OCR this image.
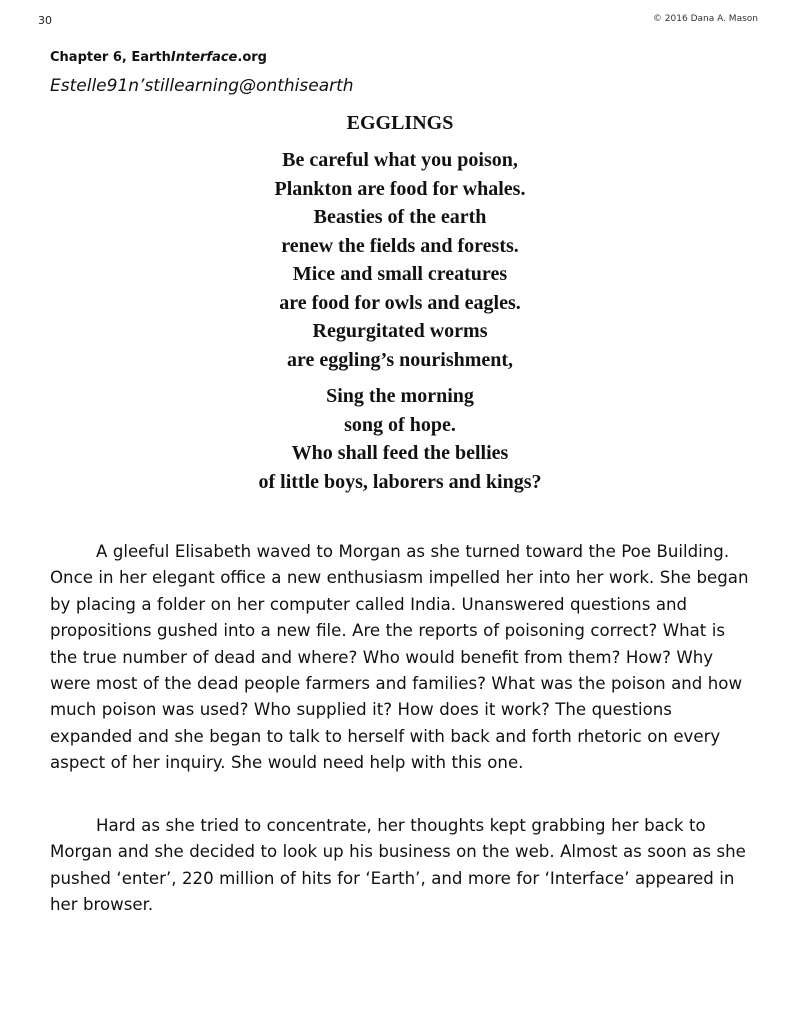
30	© 2016 Dana A. Mason
Chapter 6, EarthInterface.org
Estelle91n’stillearning@onthisearth
EGGLINGS
Be careful what you poison,
Plankton are food for whales.
Beasties of the earth
renew the fields and forests.
Mice and small creatures
are food for owls and eagles.
Regurgitated worms
are eggling’s nourishment,
Sing the morning
song of hope.
Who shall feed the bellies
of little boys, laborers and kings?

A gleeful Elisabeth waved to Morgan as she turned toward the Poe Building. Once in her elegant office a new enthusiasm impelled her into her work. She began by placing a folder on her computer called India. Unanswered questions and propositions gushed into a new file. Are the reports of poisoning correct? What is the true number of dead and where? Who would benefit from them? How? Why were most of the dead people farmers and families? What was the poison and how much poison was used? Who supplied it? How does it work? The questions expanded and she began to talk to herself with back and forth rhetoric on every aspect of her inquiry. She would need help with this one.

Hard as she tried to concentrate, her thoughts kept grabbing her back to Morgan and she decided to look up his business on the web. Almost as soon as she pushed ‘enter’, 220 million of hits for ‘Earth’, and more for ‘Interface’ appeared in her browser.
